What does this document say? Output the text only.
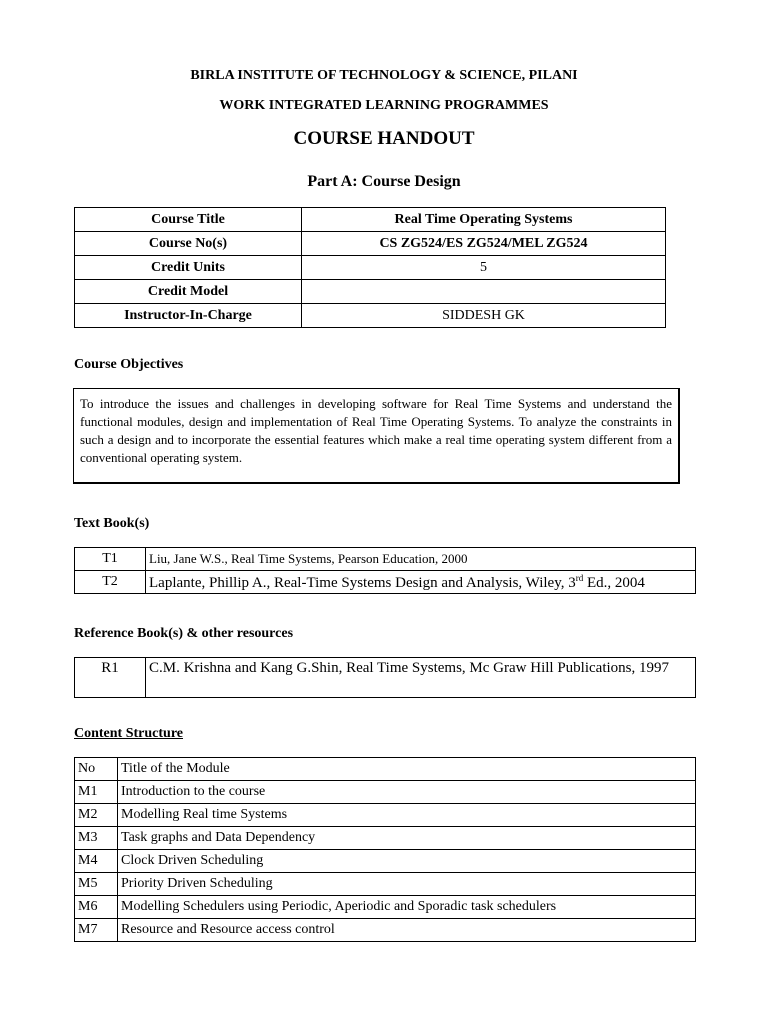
BIRLA INSTITUTE OF TECHNOLOGY & SCIENCE, PILANI
WORK INTEGRATED LEARNING PROGRAMMES
COURSE HANDOUT
Part A: Course Design
Course Title	Real Time Operating Systems
Course No(s)	CS ZG524/ES ZG524/MEL ZG524
Credit Units	5
Credit Model	
Instructor-In-Charge	SIDDESH GK
Course Objectives
To introduce the issues and challenges in developing software for Real Time Systems and understand the functional modules, design and implementation of Real Time Operating Systems. To analyze the constraints in such a design and to incorporate the essential features which make a real time operating system different from a conventional operating system.
Text Book(s)
T1	Liu, Jane W.S., Real Time Systems, Pearson Education, 2000
T2	Laplante, Phillip A., Real-Time Systems Design and Analysis, Wiley, 3rd Ed., 2004
Reference Book(s) & other resources
R1	C.M. Krishna and Kang G.Shin, Real Time Systems, Mc Graw Hill Publications, 1997
Content Structure
No	Title of the Module
M1	Introduction to the course
M2	Modelling Real time Systems
M3	Task graphs and Data Dependency
M4	Clock Driven Scheduling
M5	Priority Driven Scheduling
M6	Modelling Schedulers using Periodic, Aperiodic and Sporadic task schedulers
M7	Resource and Resource access control
